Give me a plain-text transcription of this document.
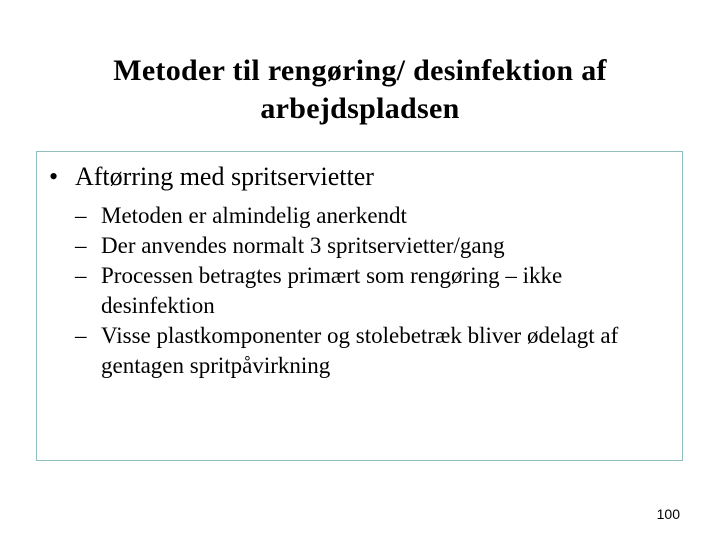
Metoder til rengøring/ desinfektion af
arbejdspladsen
• Aftørring med spritservietter
– Metoden er almindelig anerkendt
– Der anvendes normalt 3 spritservietter/gang
– Processen betragtes primært som rengøring – ikke desinfektion
– Visse plastkomponenter og stolebetræk bliver ødelagt af gentagen spritpåvirkning
100
